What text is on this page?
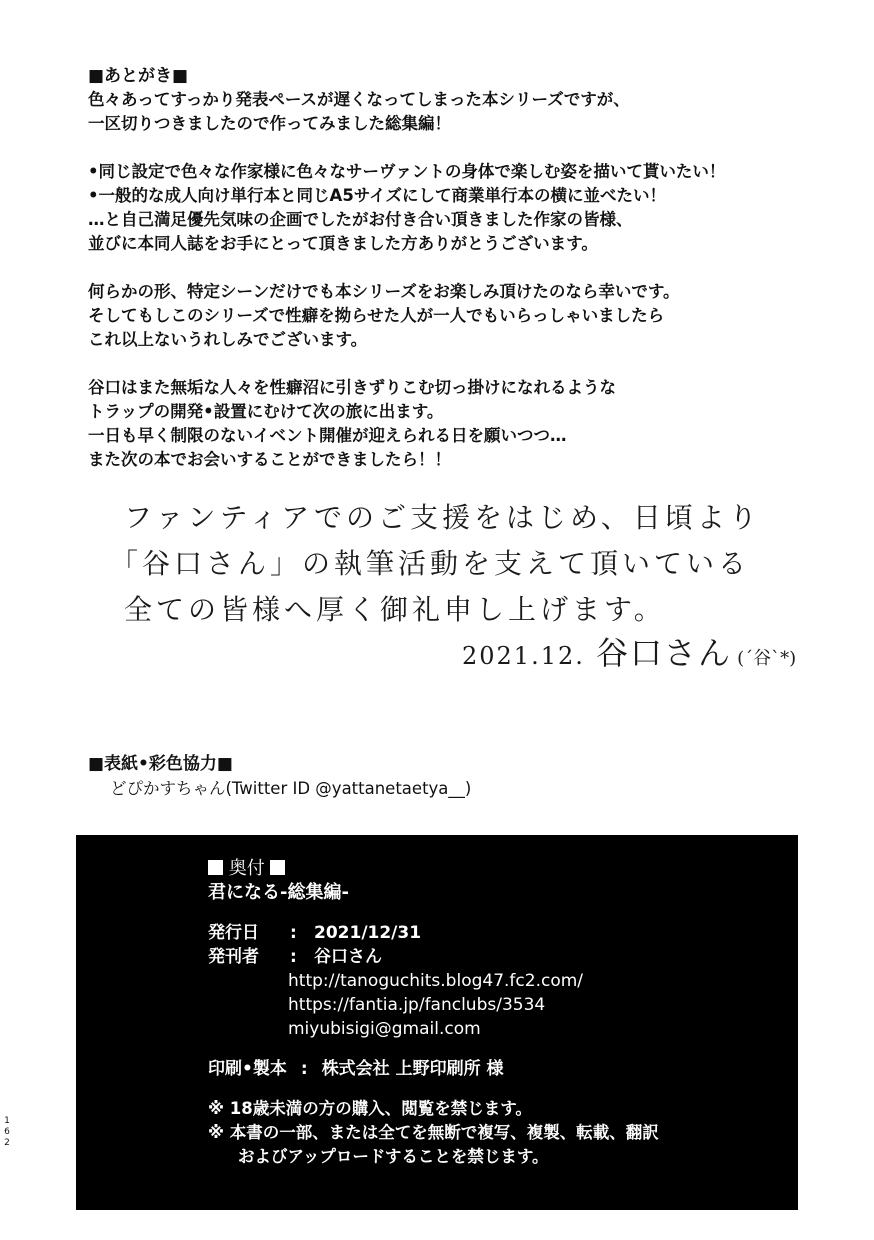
■あとがき■

色々あってすっかり発表ペースが遅くなってしまった本シリーズですが、
一区切りつきましたので作ってみました総集編！
•同じ設定で色々な作家様に色々なサーヴァントの身体で楽しむ姿を描いて貰いたい！
•一般的な成人向け単行本と同じA5サイズにして商業単行本の横に並べたい！
…と自己満足優先気味の企画でしたがお付き合い頂きました作家の皆様、
並びに本同人誌をお手にとって頂きました方ありがとうございます。
何らかの形、特定シーンだけでも本シリーズをお楽しみ頂けたのなら幸いです。
そしてもしこのシリーズで性癖を拗らせた人が一人でもいらっしゃいましたら
これ以上ないうれしみでございます。
谷口はまた無垢な人々を性癖沼に引きずりこむ切っ掛けになれるような
トラップの開発•設置にむけて次の旅に出ます。
一日も早く制限のないイベント開催が迎えられる日を願いつつ…
また次の本でお会いすることができましたら！！
ファンティアでのご支援をはじめ、日頃より
「谷口さん」の執筆活動を支えて頂いている
全ての皆様へ厚く御礼申し上げます。
2021.12. 谷口さん (´谷`*)

■表紙•彩色協力■

どぴかすちゃん(Twitter ID @yattanetaetya__)
奥付
君になる-総集編-
発行日	:	2021/12/31
発刊者	:	谷口さん
http://tanoguchits.blog47.fc2.com/
https://fantia.jp/fanclubs/3534
miyubisigi@gmail.com
印刷•製本 : 株式会社 上野印刷所 様
※ 18歳未満の方の購入、閲覧を禁じます。
※ 本書の一部、または全てを無断で複写、複製、転載、翻訳
およびアップロードすることを禁じます。
1
6
2
